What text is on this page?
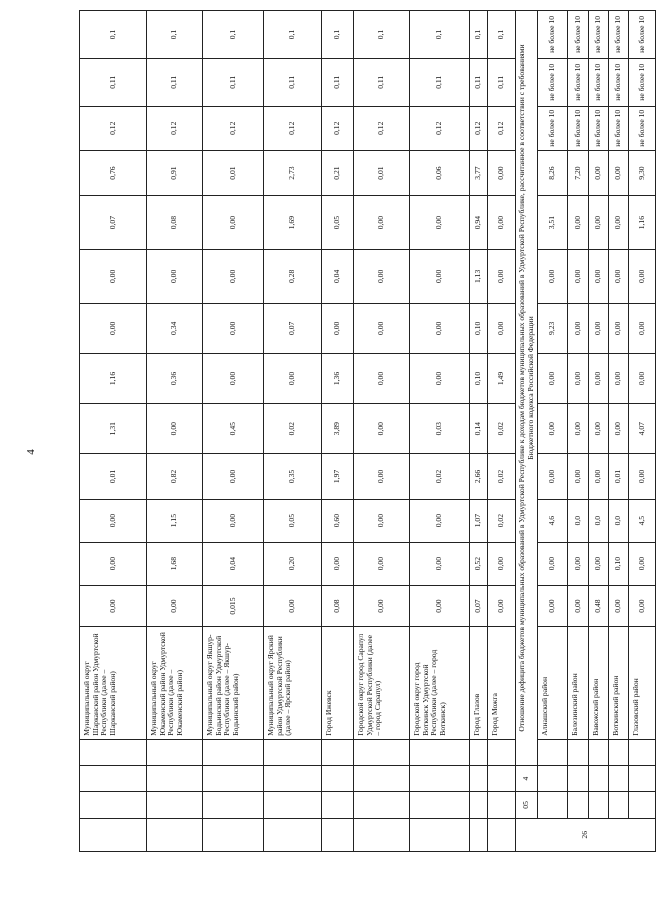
4
				Муниципальный округ Шарканский район Удмуртской Республики (далее – Шарканский район)	0,00	0,00	0,00	0,01	1,31	1,16	0,00	0,00	0,07	0,76	0,12	0,11	0,1
				Муниципальный округ Юкаменский район Удмуртской Республики (далее – Юкаменский район)	0,00	1,68	1,15	0,82	0,00	0,36	0,34	0,00	0,08	0,91	0,12	0,11	0,1
				Муниципальный округ Якшур-Бодьинский район Удмуртской Республики (далее – Якшур-Бодьинский район)	0,015	0,04	0,00	0,00	0,45	0,00	0,00	0,00	0,00	0,01	0,12	0,11	0,1
				Муниципальный округ Ярский район Удмуртской Республики (далее – Ярский район)	0,00	0,20	0,05	0,35	0,02	0,00	0,07	0,28	1,69	2,73	0,12	0,11	0,1
				Город Ижевск	0,08	0,00	0,60	1,97	3,89	1,36	0,00	0,04	0,05	0,21	0,12	0,11	0,1
				Городской округ город Сарапул Удмуртской Республики (далее – город Сарапул)	0,00	0,00	0,00	0,00	0,00	0,00	0,00	0,00	0,00	0,01	0,12	0,11	0,1
				Городской округ город Воткинск Удмуртской Республики (далее – город Воткинск)	0,00	0,00	0,00	0,02	0,03	0,00	0,00	0,00	0,00	0,06	0,12	0,11	0,1
				Город Глазов	0,07	0,52	1,07	2,66	0,14	0,10	0,10	1,13	0,94	3,77	0,12	0,11	0,1
				Город Можга	0,00	0,00	0,02	0,02	0,02	1,49	0,00	0,00	0,00	0,00	0,12	0,11	0,1
26	05	4	Отношение дефицита бюджетов муниципальных образований в Удмуртской Республике к доходам бюджетов муниципальных образований в Удмуртской Республике, рассчитанное в соответствии с требованиями Бюджетного кодекса Российской Федерации														
				Алнашский район	0,00	0,00	4,6	0,00	0,00	0,00	9,23	0,00	3,51	8,26	не более 10	не более 10	не более 10
				Балезинский район	0,00	0,00	0,0	0,00	0,00	0,00	0,00	0,00	0,00	7,20	не более 10	не более 10	не более 10
				Вавожский район	0,48	0,00	0,0	0,00	0,00	0,00	0,00	0,00	0,00	0,00	не более 10	не более 10	не более 10
				Воткинский район	0,00	0,10	0,0	0,01	0,00	0,00	0,00	0,00	0,00	0,00	не более 10	не более 10	не более 10
				Глазовский район	0,00	0,00	4,5	0,00	4,07	0,00	0,00	0,00	1,16	9,30	не более 10	не более 10	не более 10
